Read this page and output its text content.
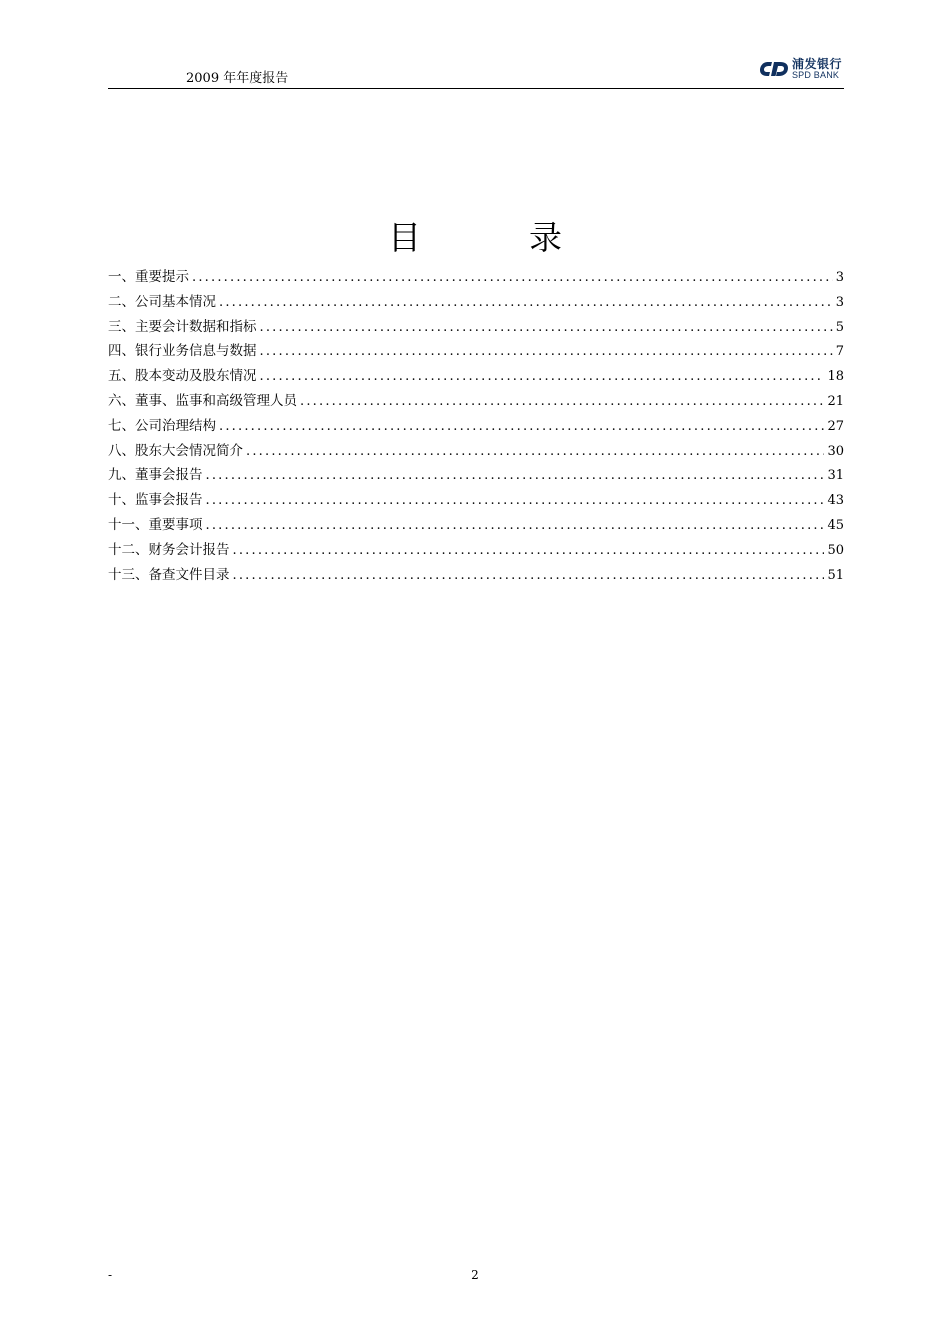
2009 年年度报告
浦发银行
SPD BANK
目	录
一、重要提示 .....	3
二、公司基本情况 .....	3
三、主要会计数据和指标 .....	5
四、银行业务信息与数据 .....	7
五、股本变动及股东情况 .....	18
六、董事、监事和高级管理人员 .....	21
七、公司治理结构 .....	27
八、股东大会情况简介 .....	30
九、董事会报告 .....	31
十、监事会报告 .....	43
十一、重要事项 .....	45
十二、财务会计报告 .....	50
十三、备查文件目录 .....	51
-	2
